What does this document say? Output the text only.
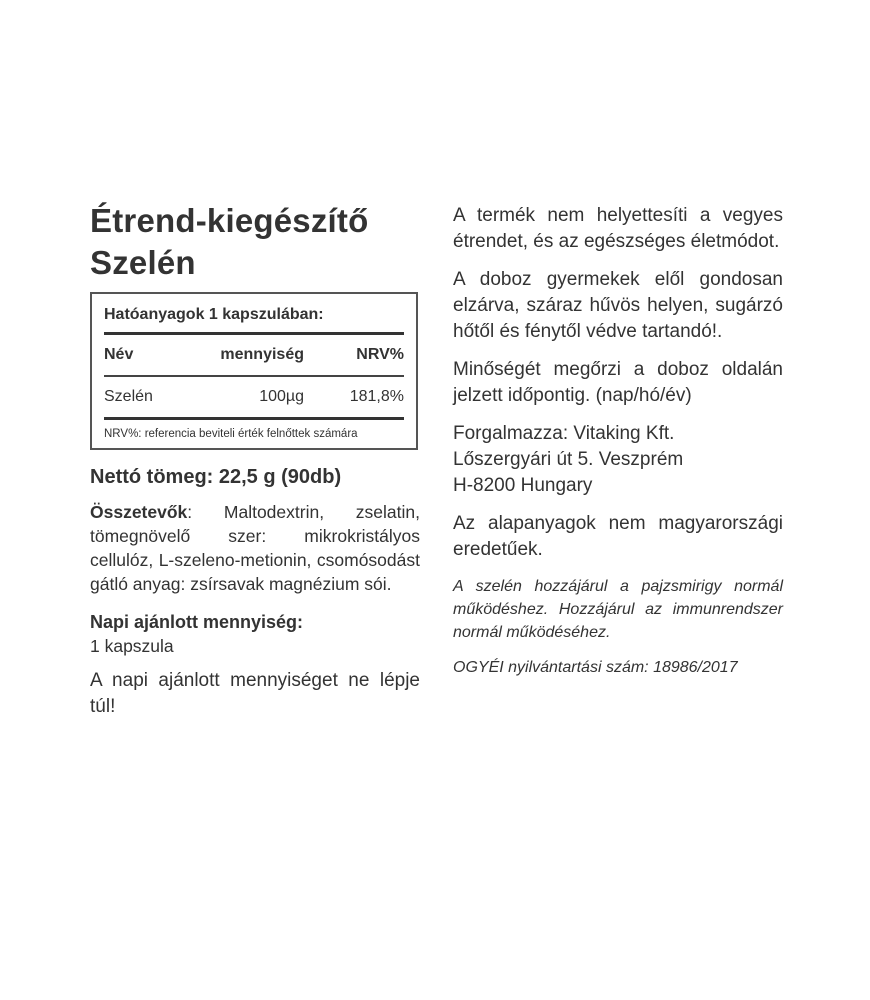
Étrend-kiegészítő
Szelén
Hatóanyagok 1 kapszulában:
Név	mennyiség	NRV%
Szelén	100µg	181,8%
NRV%: referencia beviteli érték felnőttek számára
Nettó tömeg: 22,5 g (90db)

Összetevők: Maltodextrin, zselatin, tömegnövelő szer: mikrokristályos cellulóz, L-szeleno-metionin, csomósodást gátló anyag: zsírsavak magnézium sói.

Napi ajánlott mennyiség:

1 kapszula

A napi ajánlott mennyiséget ne lépje túl!

A termék nem helyettesíti a vegyes étrendet, és az egészséges életmódot.

A doboz gyermekek elől gondosan elzárva, száraz hűvös helyen, sugárzó hőtől és fénytől védve tartandó!.

Minőségét megőrzi a doboz oldalán jelzett időpontig. (nap/hó/év)

Forgalmazza: Vitaking Kft.
Lőszergyári út 5. Veszprém
H-8200 Hungary

Az alapanyagok nem magyarországi eredetűek.

A szelén hozzájárul a pajzsmirigy normál működéshez. Hozzájárul az immunrendszer normál működéséhez.

OGYÉI nyilvántartási szám: 18986/2017
